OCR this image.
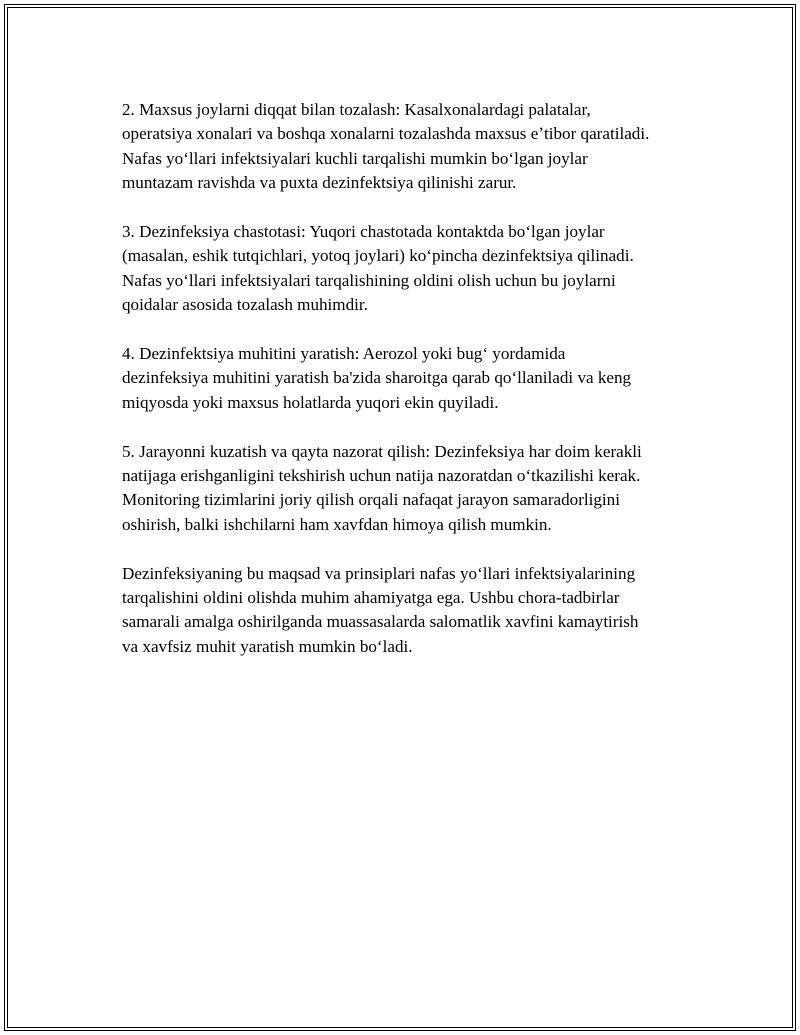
2. Maxsus joylarni diqqat bilan tozalash: Kasalxonalardagi palatalar,
operatsiya xonalari va boshqa xonalarni tozalashda maxsus eʼtibor qaratiladi.
Nafas yoʻllari infektsiyalari kuchli tarqalishi mumkin boʻlgan joylar
muntazam ravishda va puxta dezinfektsiya qilinishi zarur.

3. Dezinfeksiya chastotasi: Yuqori chastotada kontaktda boʻlgan joylar
(masalan, eshik tutqichlari, yotoq joylari) koʻpincha dezinfektsiya qilinadi.
Nafas yoʻllari infektsiyalari tarqalishining oldini olish uchun bu joylarni
qoidalar asosida tozalash muhimdir.

4. Dezinfektsiya muhitini yaratish: Aerozol yoki bugʻ yordamida
dezinfeksiya muhitini yaratish ba'zida sharoitga qarab qoʻllaniladi va keng
miqyosda yoki maxsus holatlarda yuqori ekin quyiladi.

5. Jarayonni kuzatish va qayta nazorat qilish: Dezinfeksiya har doim kerakli
natijaga erishganligini tekshirish uchun natija nazoratdan oʻtkazilishi kerak.
Monitoring tizimlarini joriy qilish orqali nafaqat jarayon samaradorligini
oshirish, balki ishchilarni ham xavfdan himoya qilish mumkin.

Dezinfeksiyaning bu maqsad va prinsiplari nafas yoʻllari infektsiyalarining
tarqalishini oldini olishda muhim ahamiyatga ega. Ushbu chora-tadbirlar
samarali amalga oshirilganda muassasalarda salomatlik xavfini kamaytirish
va xavfsiz muhit yaratish mumkin boʻladi.
